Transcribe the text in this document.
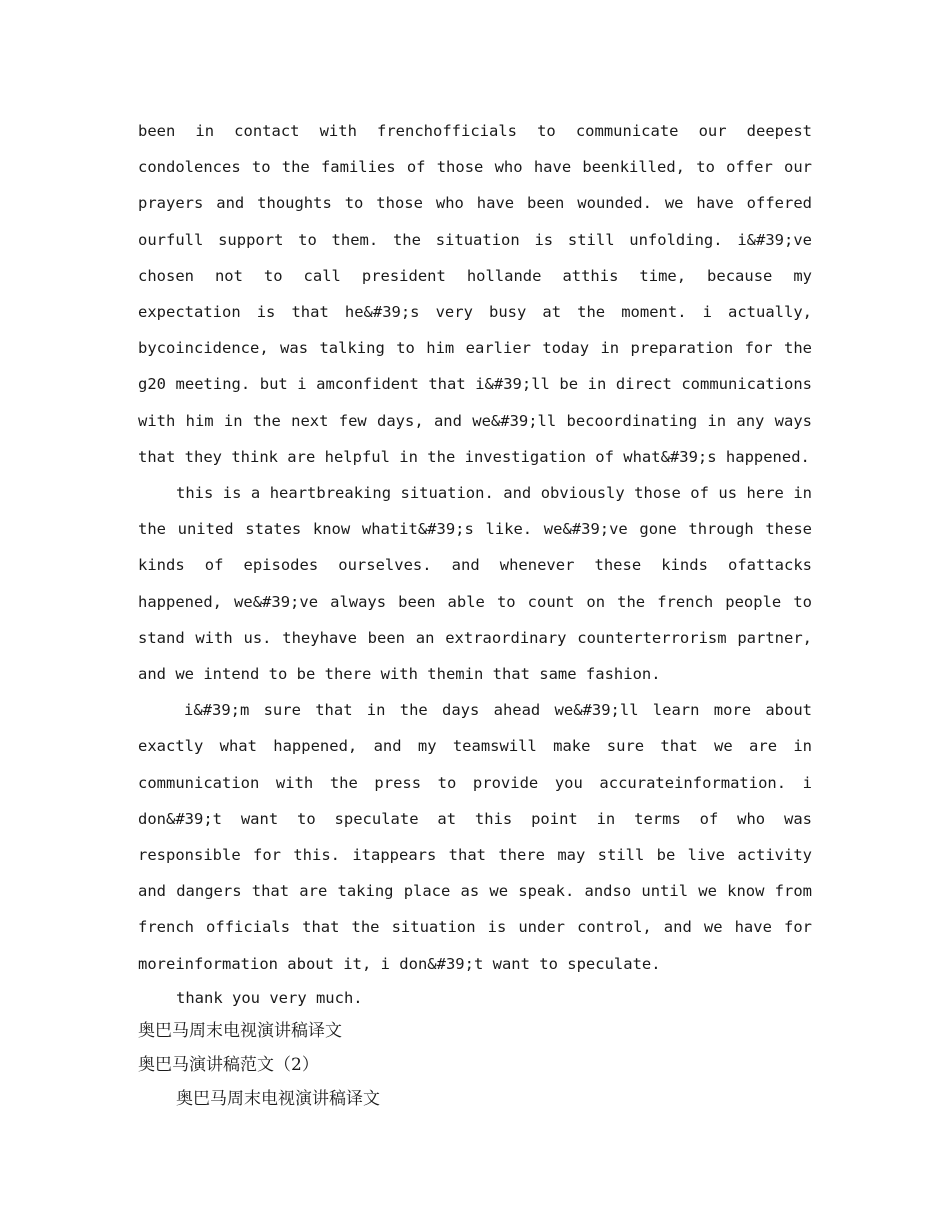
been in contact with frenchofficials to communicate our deepest condolences to the families of those who have beenkilled, to offer our prayers and thoughts to those who have been wounded. we have offered ourfull support to them. the situation is still unfolding. i&#39;ve chosen not to call president hollande atthis time, because my expectation is that he&#39;s very busy at the moment. i actually, bycoincidence, was talking to him earlier today in preparation for the g20 meeting. but i amconfident that i&#39;ll be in direct communications with him in the next few days, and we&#39;ll becoordinating in any ways that they think are helpful in the investigation of what&#39;s happened.

this is a heartbreaking situation. and obviously those of us here in the united states know whatit&#39;s like. we&#39;ve gone through these kinds of episodes ourselves. and whenever these kinds ofattacks happened, we&#39;ve always been able to count on the french people to stand with us. theyhave been an extraordinary counterterrorism partner, and we intend to be there with themin that same fashion.

i&#39;m sure that in the days ahead we&#39;ll learn more about exactly what happened, and my teamswill make sure that we are in communication with the press to provide you accurateinformation. i don&#39;t want to speculate at this point in terms of who was responsible for this. itappears that there may still be live activity and dangers that are taking place as we speak. andso until we know from french officials that the situation is under control, and we have for moreinformation about it, i don&#39;t want to speculate.

thank you very much.

奥巴马周末电视演讲稿译文

奥巴马演讲稿范文（2）

奥巴马周末电视演讲稿译文
